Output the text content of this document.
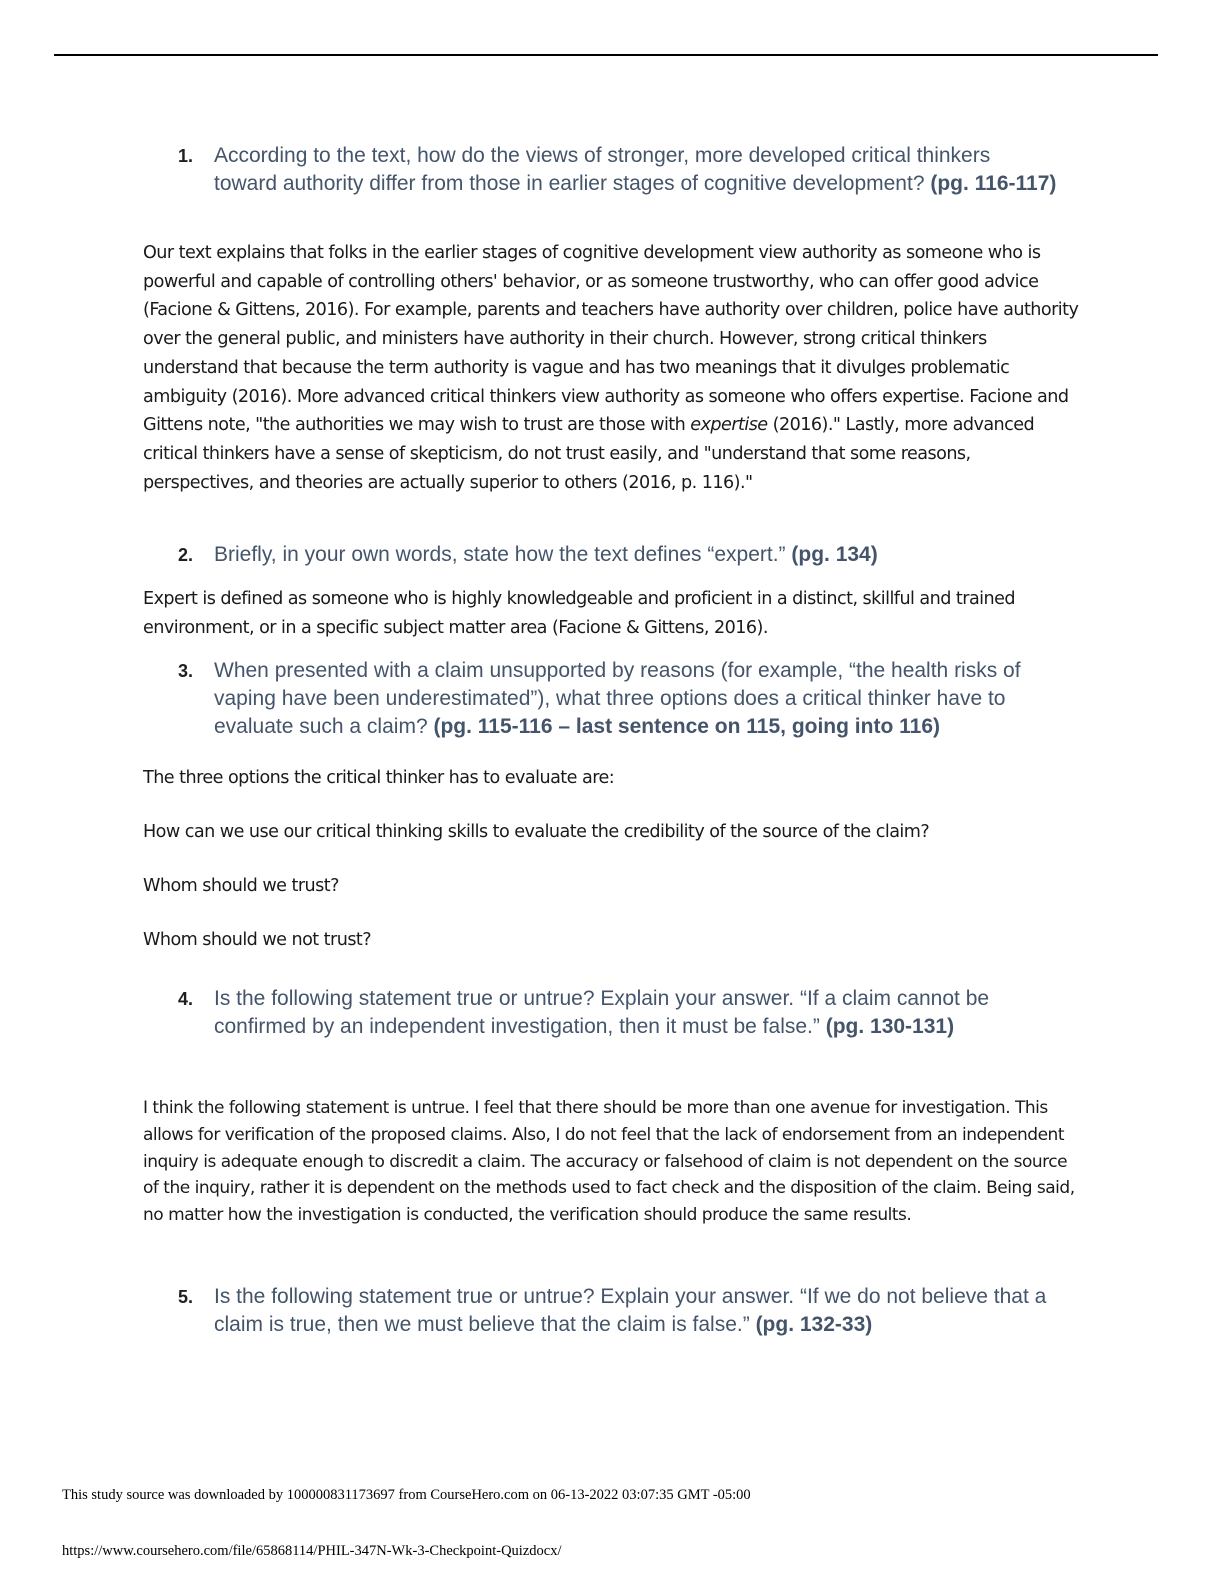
1. According to the text, how do the views of stronger, more developed critical thinkers toward authority differ from those in earlier stages of cognitive development? (pg. 116-117)

Our text explains that folks in the earlier stages of cognitive development view authority as someone who is powerful and capable of controlling others' behavior, or as someone trustworthy, who can offer good advice (Facione & Gittens, 2016). For example, parents and teachers have authority over children, police have authority over the general public, and ministers have authority in their church. However, strong critical thinkers understand that because the term authority is vague and has two meanings that it divulges problematic ambiguity (2016). More advanced critical thinkers view authority as someone who offers expertise. Facione and Gittens note, "the authorities we may wish to trust are those with expertise (2016)." Lastly, more advanced critical thinkers have a sense of skepticism, do not trust easily, and "understand that some reasons, perspectives, and theories are actually superior to others (2016, p. 116)."

2. Briefly, in your own words, state how the text defines “expert.” (pg. 134)

Expert is defined as someone who is highly knowledgeable and proficient in a distinct, skillful and trained environment, or in a specific subject matter area (Facione & Gittens, 2016).

3. When presented with a claim unsupported by reasons (for example, “the health risks of vaping have been underestimated”), what three options does a critical thinker have to evaluate such a claim? (pg. 115-116 – last sentence on 115, going into 116)
The three options the critical thinker has to evaluate are:
How can we use our critical thinking skills to evaluate the credibility of the source of the claim?
Whom should we trust?
Whom should we not trust?
4. Is the following statement true or untrue? Explain your answer. “If a claim cannot be confirmed by an independent investigation, then it must be false.” (pg. 130-131)

I think the following statement is untrue. I feel that there should be more than one avenue for investigation. This allows for verification of the proposed claims. Also, I do not feel that the lack of endorsement from an independent inquiry is adequate enough to discredit a claim. The accuracy or falsehood of claim is not dependent on the source of the inquiry, rather it is dependent on the methods used to fact check and the disposition of the claim. Being said, no matter how the investigation is conducted, the verification should produce the same results.

5. Is the following statement true or untrue? Explain your answer. “If we do not believe that a claim is true, then we must believe that the claim is false.” (pg. 132-33)
This study source was downloaded by 100000831173697 from CourseHero.com on 06-13-2022 03:07:35 GMT -05:00
https://www.coursehero.com/file/65868114/PHIL-347N-Wk-3-Checkpoint-Quizdocx/
